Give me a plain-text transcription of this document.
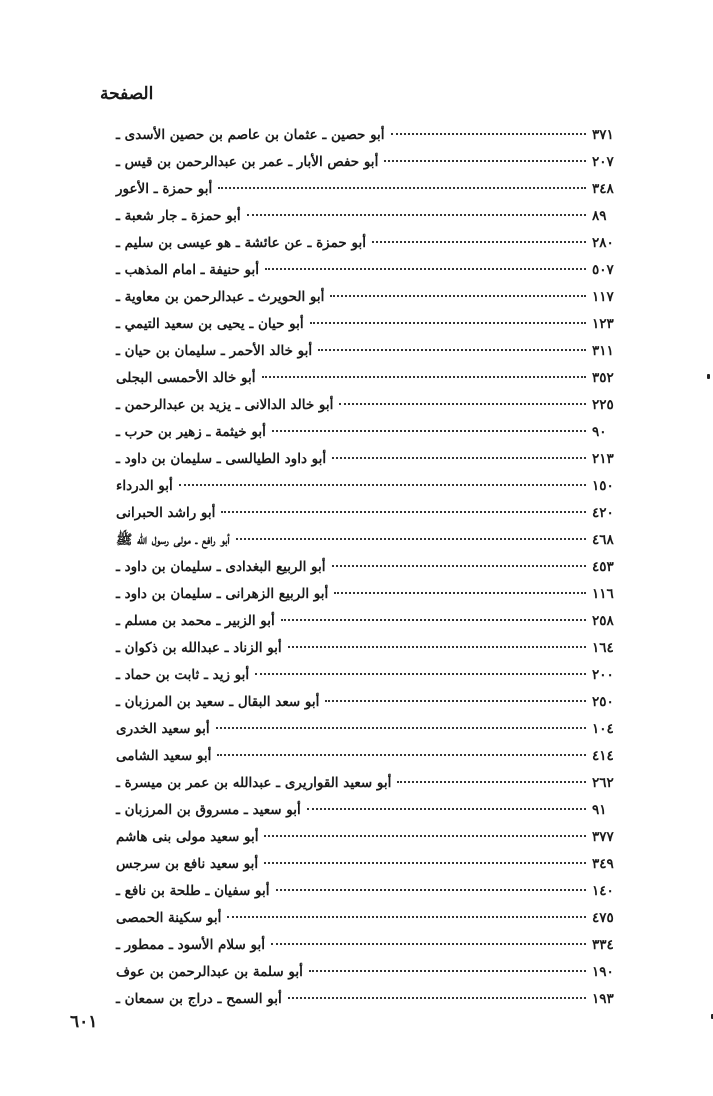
الصفحة
أبو حصين ـ عثمان بن عاصم بن حصين الأسدى ـ	٣٧١
أبو حفص الأبار ـ عمر بن عبدالرحمن بن قيس ـ	٢٠٧
أبو حمزة ـ الأعور	٣٤٨
أبو حمزة ـ جار شعبة ـ	٨٩
أبو حمزة ـ عن عائشة ـ هو عيسى بن سليم ـ	٢٨٠
أبو حنيفة ـ امام المذهب ـ	٥٠٧
أبو الحويرث ـ عبدالرحمن بن معاوية ـ	١١٧
أبو حيان ـ يحيى بن سعيد التيمي ـ	١٢٣
أبو خالد الأحمر ـ سليمان بن حيان ـ	٣١١
أبو خالد الأحمسى البجلى	٣٥٢
أبو خالد الدالانى ـ يزيد بن عبدالرحمن ـ	٢٢٥
أبو خيثمة ـ زهير بن حرب ـ	٩٠
أبو داود الطيالسى ـ سليمان بن داود ـ	٢١٣
أبو الدرداء	١٥٠
أبو راشد الحبرانى	٤٢٠
أبو رافع ـ مولى رسول الله ﷺ	٤٦٨
أبو الربيع البغدادى ـ سليمان بن داود ـ	٤٥٣
أبو الربيع الزهرانى ـ سليمان بن داود ـ	١١٦
أبو الزبير ـ محمد بن مسلم ـ	٢٥٨
أبو الزناد ـ عبدالله بن ذكوان ـ	١٦٤
أبو زيد ـ ثابت بن حماد ـ	٢٠٠
أبو سعد البقال ـ سعيد بن المرزبان ـ	٢٥٠
أبو سعيد الخدرى	١٠٤
أبو سعيد الشامى	٤١٤
أبو سعيد القواريرى ـ عبدالله بن عمر بن ميسرة ـ	٢٦٢
أبو سعيد ـ مسروق بن المرزبان ـ	٩١
أبو سعيد مولى بنى هاشم	٣٧٧
أبو سعيد نافع بن سرجس	٣٤٩
أبو سفيان ـ طلحة بن نافع ـ	١٤٠
أبو سكينة الحمصى	٤٧٥
أبو سلام الأسود ـ ممطور ـ	٣٣٤
أبو سلمة بن عبدالرحمن بن عوف	١٩٠
أبو السمح ـ دراج بن سمعان ـ	١٩٣
٦٠١
